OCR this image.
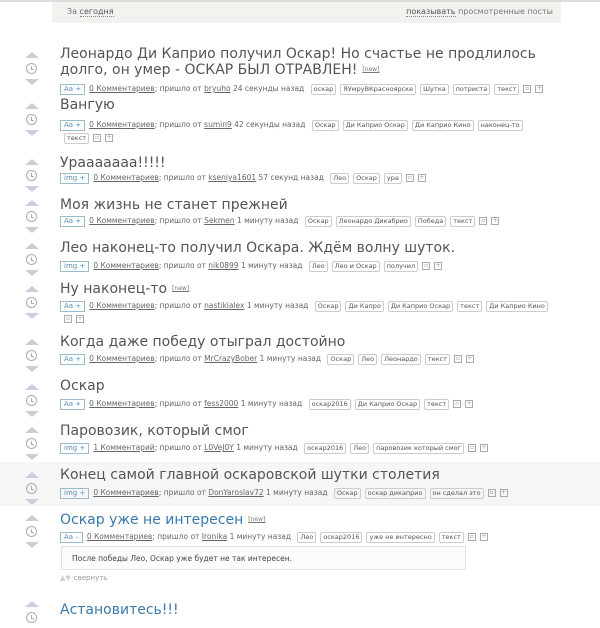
За сегодня	показывать просмотренные посты
Леонардо Ди Каприо получил Оскар! Но счастье не продлилось долго, он умер - ОСКАР БЫЛ ОТРАВЛЕН! [new]
Aa + 0 Комментариев; пришло от bryuho 24 секунды назад оскар ЯУмруВКрасноярске Шутка потриста текст ▫ +
Вангую
Aa + 0 Комментариев; пришло от sumin9 42 секунды назад Оскар Ди Каприо Оскар Ди Каприо Кино наконец-тотекст ▫ +
Урааааааа!!!!!
img + 0 Комментариев; пришло от kseniya1601 57 секунд назад Лео Оскар ура ▫ +
Моя жизнь не станет прежней
Aa + 0 Комментариев; пришло от Sekmen 1 минуту назад Оскар Леонардо Дикабрио Победа текст ▫ +
Лео наконец-то получил Оскара. Ждём волну шуток.
img + 0 Комментариев; пришло от nik0899 1 минуту назад Лео Лео и Оскар получил ▫ +
Ну наконец-то [new]
Aa + 0 Комментариев; пришло от nastikialex 1 минуту назад Оскар Ди Капро Ди Каприо Оскар текст Ди Каприо Кино▫ +
Когда даже победу отыграл достойно
Aa + 0 Комментариев; пришло от MrCrazyBober 1 минуту назад Оскар Лео Леонардо текст ▫ +
Оскар
Aa + 0 Комментариев; пришло от fess2000 1 минуту назад оскар2016 Ди Каприо Оскар текст ▫ +
Паровозик, который смог
img + 1 Комментарий; пришло от L0VeJ0Y 1 минуту назад оскар2016 Лео паровозик который смог ▫ +
Конец самой главной оскаровской шутки столетия
img + 0 Комментариев; пришло от DonYaroslav72 1 минуту назад Оскар оскар дикаприо он сделал это ▫ +
Оскар уже не интересен [new]
Aa – 0 Комментариев; пришло от Ironika 1 минуту назад Лео оскар2016 уже не интересно текст ▫ +
Астановитесь!!!
После победы Лео, Оскар уже будет не так интересен.
▲▼ свернуть
